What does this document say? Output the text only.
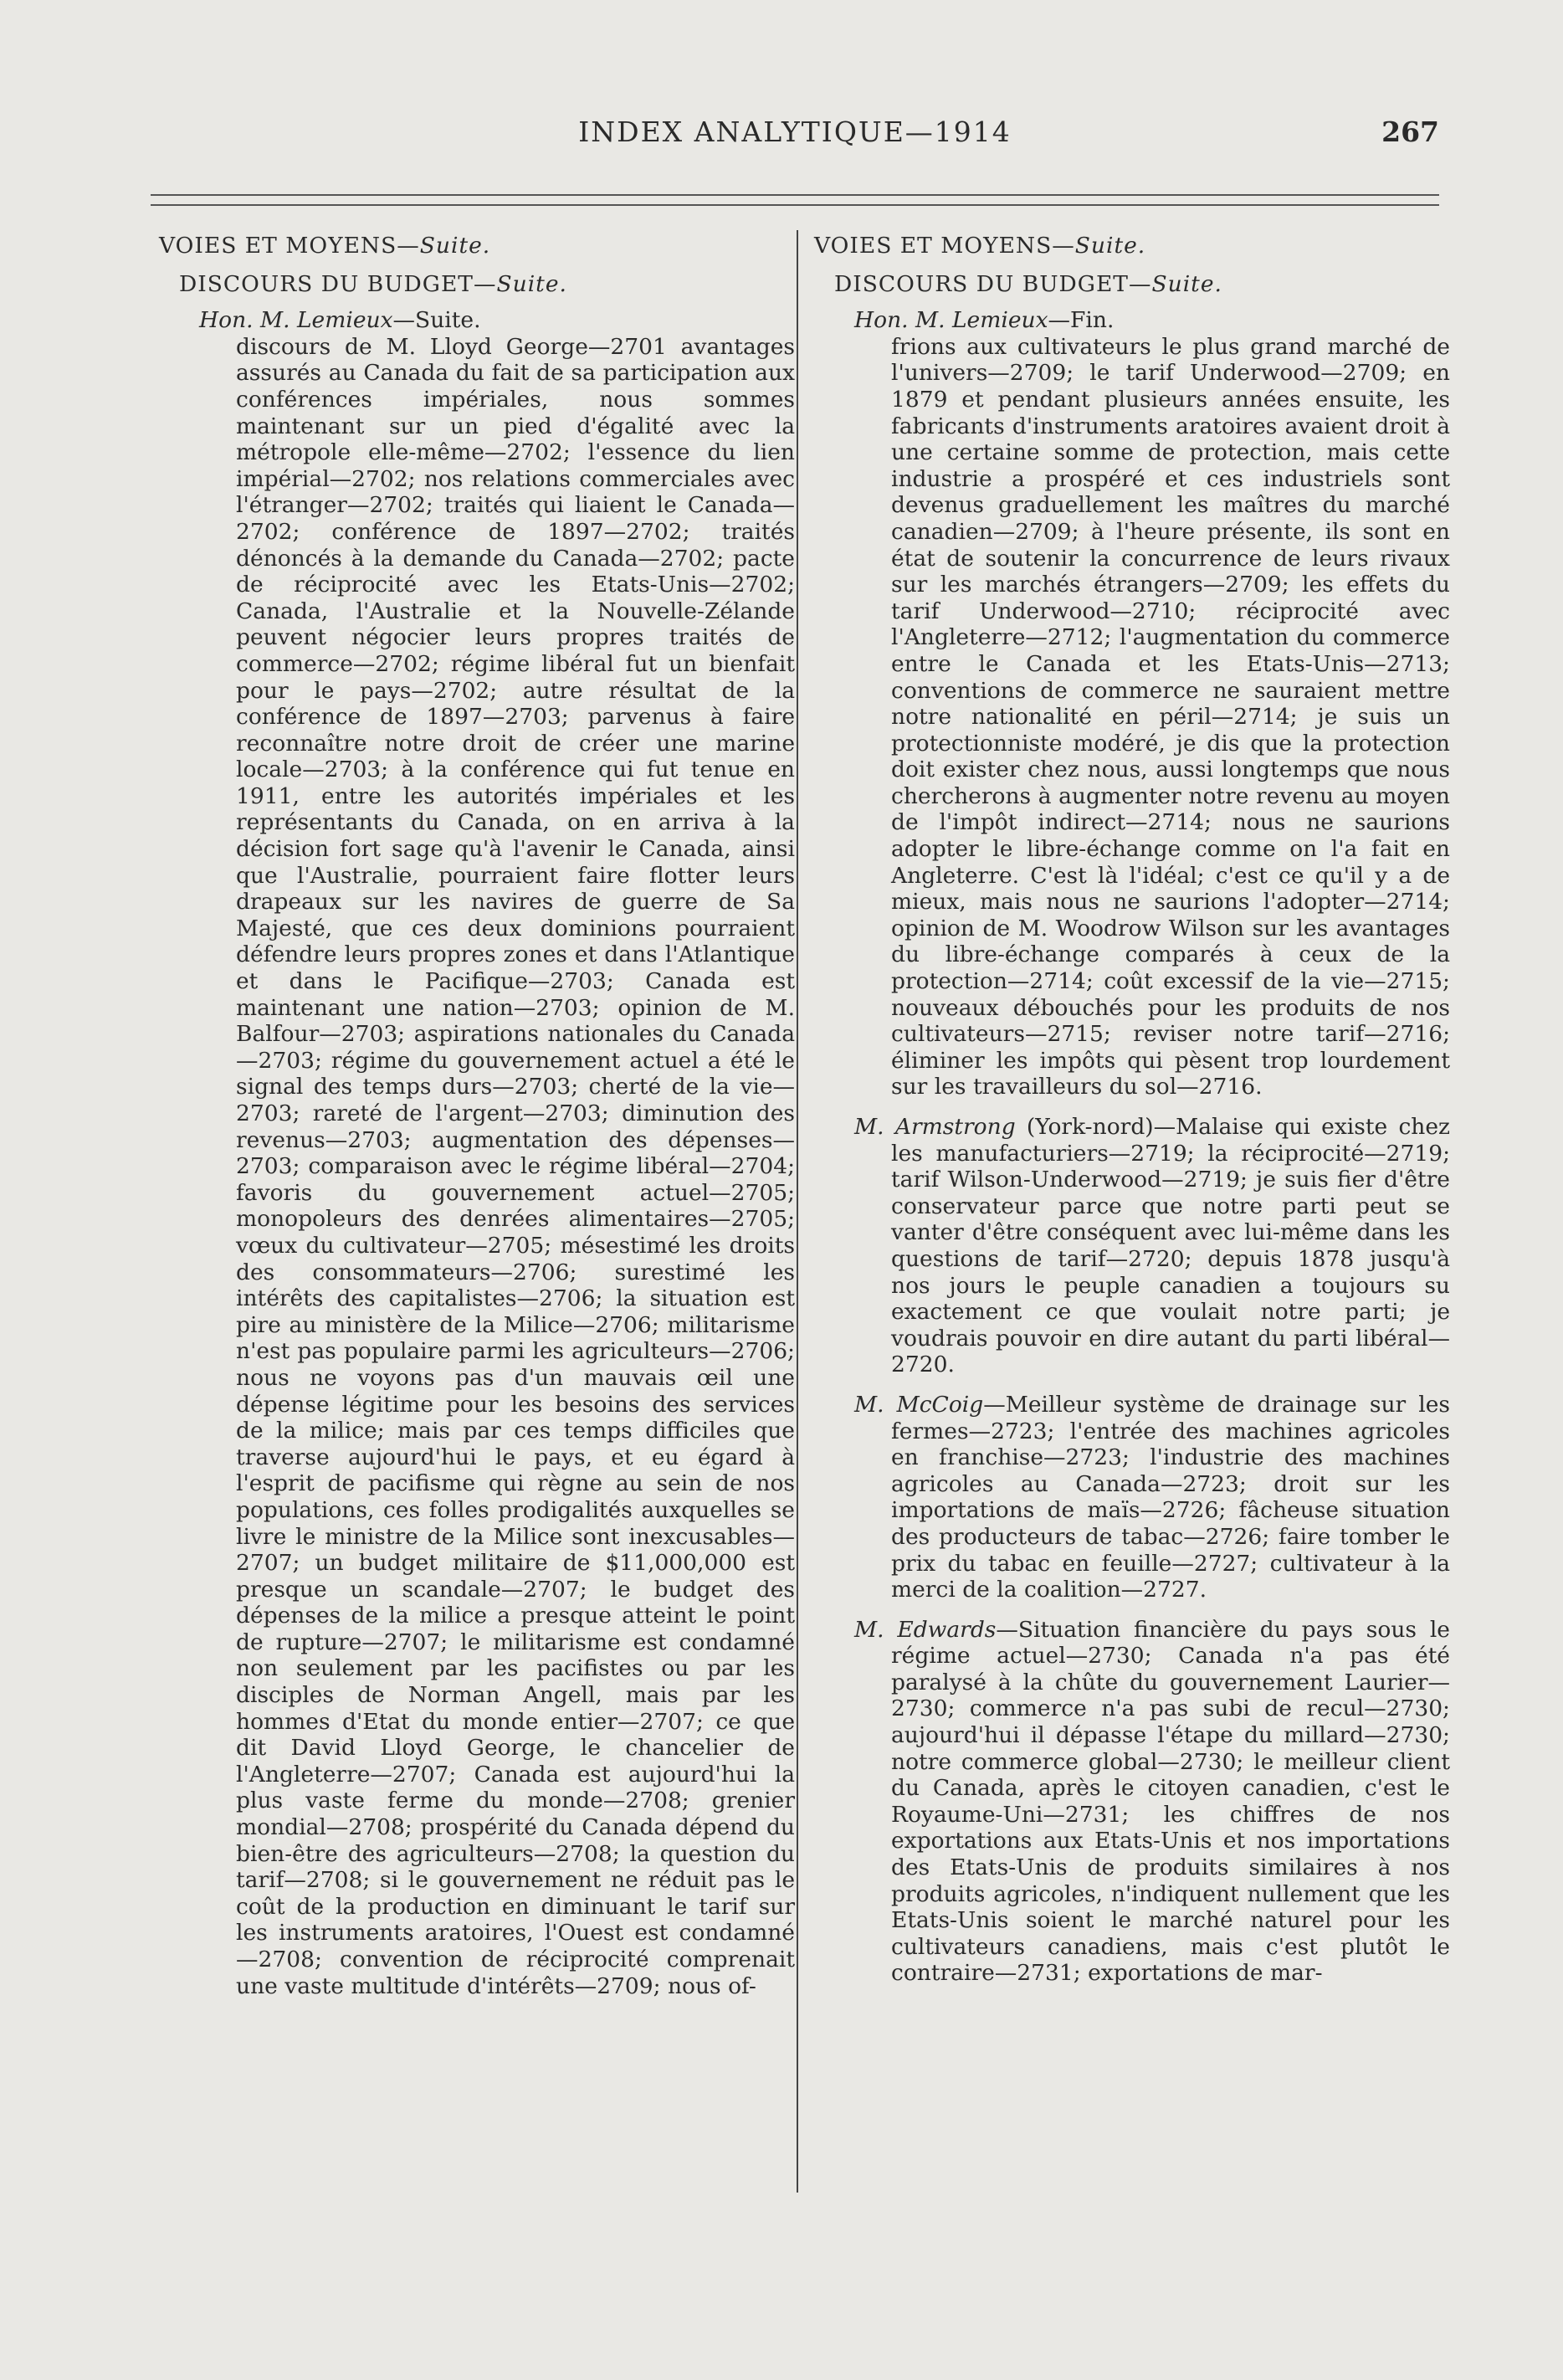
INDEX ANALYTIQUE—1914	267
VOIES ET MOYENS—Suite.
DISCOURS DU BUDGET—Suite.
Hon. M. Lemieux—Suite.
discours de M. Lloyd George—2701 avantages assurés au Canada du fait de sa participation aux conférences impériales, nous sommes maintenant sur un pied d'égalité avec la métropole elle-même—2702; l'essence du lien impérial—2702; nos relations commerciales avec l'étranger—2702; traités qui liaient le Canada—2702; conférence de 1897—2702; traités dénoncés à la demande du Canada—2702; pacte de réciprocité avec les Etats-Unis—2702; Canada, l'Australie et la Nouvelle-Zélande peuvent négocier leurs propres traités de commerce—2702; régime libéral fut un bienfait pour le pays—2702; autre résultat de la conférence de 1897—2703; parvenus à faire reconnaître notre droit de créer une marine locale—2703; à la conférence qui fut tenue en 1911, entre les autorités impériales et les représentants du Canada, on en arriva à la décision fort sage qu'à l'avenir le Canada, ainsi que l'Australie, pourraient faire flotter leurs drapeaux sur les navires de guerre de Sa Majesté, que ces deux dominions pourraient défendre leurs propres zones et dans l'Atlantique et dans le Pacifique—2703; Canada est maintenant une nation—2703; opinion de M. Balfour—2703; aspirations nationales du Canada—2703; régime du gouvernement actuel a été le signal des temps durs—2703; cherté de la vie—2703; rareté de l'argent—2703; diminution des revenus—2703; augmentation des dépenses—2703; comparaison avec le régime libéral—2704; favoris du gouvernement actuel—2705; monopoleurs des denrées alimentaires—2705; vœux du cultivateur—2705; mésestimé les droits des consommateurs—2706; surestimé les intérêts des capitalistes—2706; la situation est pire au ministère de la Milice—2706; militarisme n'est pas populaire parmi les agriculteurs—2706; nous ne voyons pas d'un mauvais œil une dépense légitime pour les besoins des services de la milice; mais par ces temps difficiles que traverse aujourd'hui le pays, et eu égard à l'esprit de pacifisme qui règne au sein de nos populations, ces folles prodigalités auxquelles se livre le ministre de la Milice sont inexcusables—2707; un budget militaire de $11,000,000 est presque un scandale—2707; le budget des dépenses de la milice a presque atteint le point de rupture—2707; le militarisme est condamné non seulement par les pacifistes ou par les disciples de Norman Angell, mais par les hommes d'Etat du monde entier—2707; ce que dit David Lloyd George, le chancelier de l'Angleterre—2707; Canada est aujourd'hui la plus vaste ferme du monde—2708; grenier mondial—2708; prospérité du Canada dépend du bien-être des agriculteurs—2708; la question du tarif—2708; si le gouvernement ne réduit pas le coût de la production en diminuant le tarif sur les instruments aratoires, l'Ouest est condamné—2708; convention de réciprocité comprenait une vaste multitude d'intérêts—2709; nous of-
VOIES ET MOYENS—Suite.
DISCOURS DU BUDGET—Suite.
Hon. M. Lemieux—Fin.
frions aux cultivateurs le plus grand marché de l'univers—2709; le tarif Underwood—2709; en 1879 et pendant plusieurs années ensuite, les fabricants d'instruments aratoires avaient droit à une certaine somme de protection, mais cette industrie a prospéré et ces industriels sont devenus graduellement les maîtres du marché canadien—2709; à l'heure présente, ils sont en état de soutenir la concurrence de leurs rivaux sur les marchés étrangers—2709; les effets du tarif Underwood—2710; réciprocité avec l'Angleterre—2712; l'augmentation du commerce entre le Canada et les Etats-Unis—2713; conventions de commerce ne sauraient mettre notre nationalité en péril—2714; je suis un protectionniste modéré, je dis que la protection doit exister chez nous, aussi longtemps que nous chercherons à augmenter notre revenu au moyen de l'impôt indirect—2714; nous ne saurions adopter le libre-échange comme on l'a fait en Angleterre. C'est là l'idéal; c'est ce qu'il y a de mieux, mais nous ne saurions l'adopter—2714; opinion de M. Woodrow Wilson sur les avantages du libre-échange comparés à ceux de la protection—2714; coût excessif de la vie—2715; nouveaux débouchés pour les produits de nos cultivateurs—2715; reviser notre tarif—2716; éliminer les impôts qui pèsent trop lourdement sur les travailleurs du sol—2716.
M. Armstrong (York-nord)—Malaise qui existe chez les manufacturiers—2719; la réciprocité—2719; tarif Wilson-Underwood—2719; je suis fier d'être conservateur parce que notre parti peut se vanter d'être conséquent avec lui-même dans les questions de tarif—2720; depuis 1878 jusqu'à nos jours le peuple canadien a toujours su exactement ce que voulait notre parti; je voudrais pouvoir en dire autant du parti libéral—2720.
M. McCoig—Meilleur système de drainage sur les fermes—2723; l'entrée des machines agricoles en franchise—2723; l'industrie des machines agricoles au Canada—2723; droit sur les importations de maïs—2726; fâcheuse situation des producteurs de tabac—2726; faire tomber le prix du tabac en feuille—2727; cultivateur à la merci de la coalition—2727.
M. Edwards—Situation financière du pays sous le régime actuel—2730; Canada n'a pas été paralysé à la chûte du gouvernement Laurier—2730; commerce n'a pas subi de recul—2730; aujourd'hui il dépasse l'étape du millard—2730; notre commerce global—2730; le meilleur client du Canada, après le citoyen canadien, c'est le Royaume-Uni—2731; les chiffres de nos exportations aux Etats-Unis et nos importations des Etats-Unis de produits similaires à nos produits agricoles, n'indiquent nullement que les Etats-Unis soient le marché naturel pour les cultivateurs canadiens, mais c'est plutôt le contraire—2731; exportations de mar-
